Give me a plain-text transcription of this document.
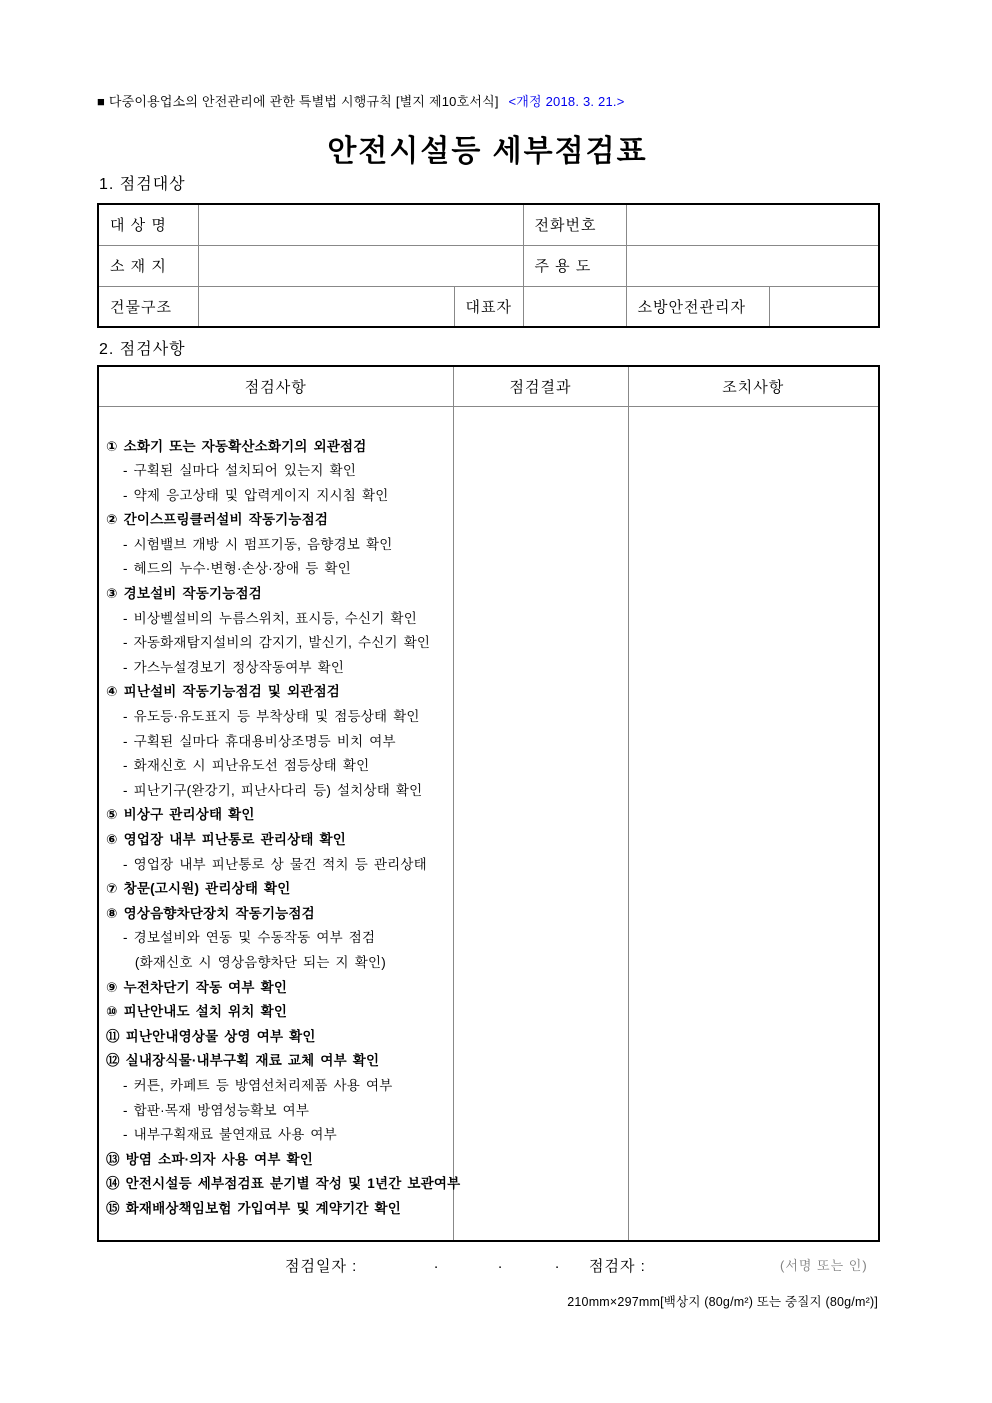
■ 다중이용업소의 안전관리에 관한 특별법 시행규칙 [별지 제10호서식] <개정 2018. 3. 21.>
안전시설등 세부점검표
1. 점검대상
대 상 명			전화번호		
소 재 지			주 용 도		
건물구조		대표자		소방안전관리자	
2. 점검사항
점검사항	점검결과	조치사항

① 소화기 또는 자동확산소화기의 외관점검
- 구획된 실마다 설치되어 있는지 확인
- 약제 응고상태 및 압력게이지 지시침 확인
② 간이스프링클러설비 작동기능점검
- 시험밸브 개방 시 펌프기동, 음향경보 확인
- 헤드의 누수·변형·손상·장애 등 확인
③ 경보설비 작동기능점검
- 비상벨설비의 누름스위치, 표시등, 수신기 확인
- 자동화재탐지설비의 감지기, 발신기, 수신기 확인
- 가스누설경보기 정상작동여부 확인
④ 피난설비 작동기능점검 및 외관점검
- 유도등·유도표지 등 부착상태 및 점등상태 확인
- 구획된 실마다 휴대용비상조명등 비치 여부
- 화재신호 시 피난유도선 점등상태 확인
- 피난기구(완강기, 피난사다리 등) 설치상태 확인
⑤ 비상구 관리상태 확인
⑥ 영업장 내부 피난통로 관리상태 확인
- 영업장 내부 피난통로 상 물건 적치 등 관리상태
⑦ 창문(고시원) 관리상태 확인
⑧ 영상음향차단장치 작동기능점검
- 경보설비와 연동 및 수동작동 여부 점검
(화재신호 시 영상음향차단 되는 지 확인)
⑨ 누전차단기 작동 여부 확인
⑩ 피난안내도 설치 위치 확인
⑪ 피난안내영상물 상영 여부 확인
⑫ 실내장식물·내부구획 재료 교체 여부 확인
- 커튼, 카페트 등 방염선처리제품 사용 여부
- 합판·목재 방염성능확보 여부
- 내부구획재료 불연재료 사용 여부
⑬ 방염 소파·의자 사용 여부 확인
⑭ 안전시설등 세부점검표 분기별 작성 및 1년간 보관여부
⑮ 화재배상책임보험 가입여부 및 계약기간 확인

점검일자 :	.	.	. 점검자 :	(서명 또는 인)
210mm×297mm[백상지 (80g/m²) 또는 중질지 (80g/m²)]
